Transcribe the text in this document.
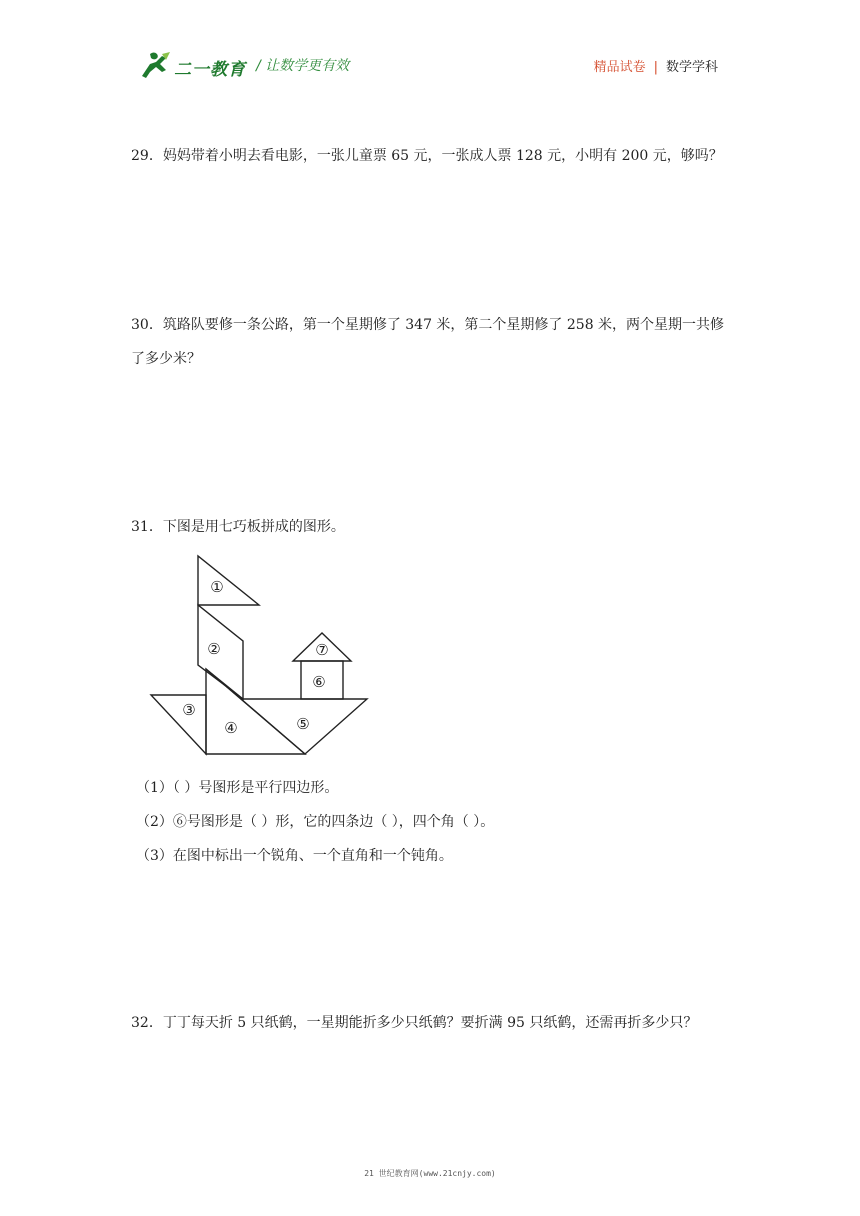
二一教育 / 让数学更有效	精品试卷 | 数学学科
29．妈妈带着小明去看电影，一张儿童票 65 元，一张成人票 128 元，小明有 200 元，够吗？
30．筑路队要修一条公路，第一个星期修了 347 米，第二个星期修了 258 米，两个星期一共修了多少米？
31．下图是用七巧板拼成的图形。
①
②
③
④	⑤
⑥
⑦
（1）（ ）号图形是平行四边形。
（2）⑥号图形是（ ）形，它的四条边（ ），四个角（ ）。
（3）在图中标出一个锐角、一个直角和一个钝角。
32．丁丁每天折 5 只纸鹤，一星期能折多少只纸鹤？要折满 95 只纸鹤，还需再折多少只？
21 世纪教育网(www.21cnjy.com)
